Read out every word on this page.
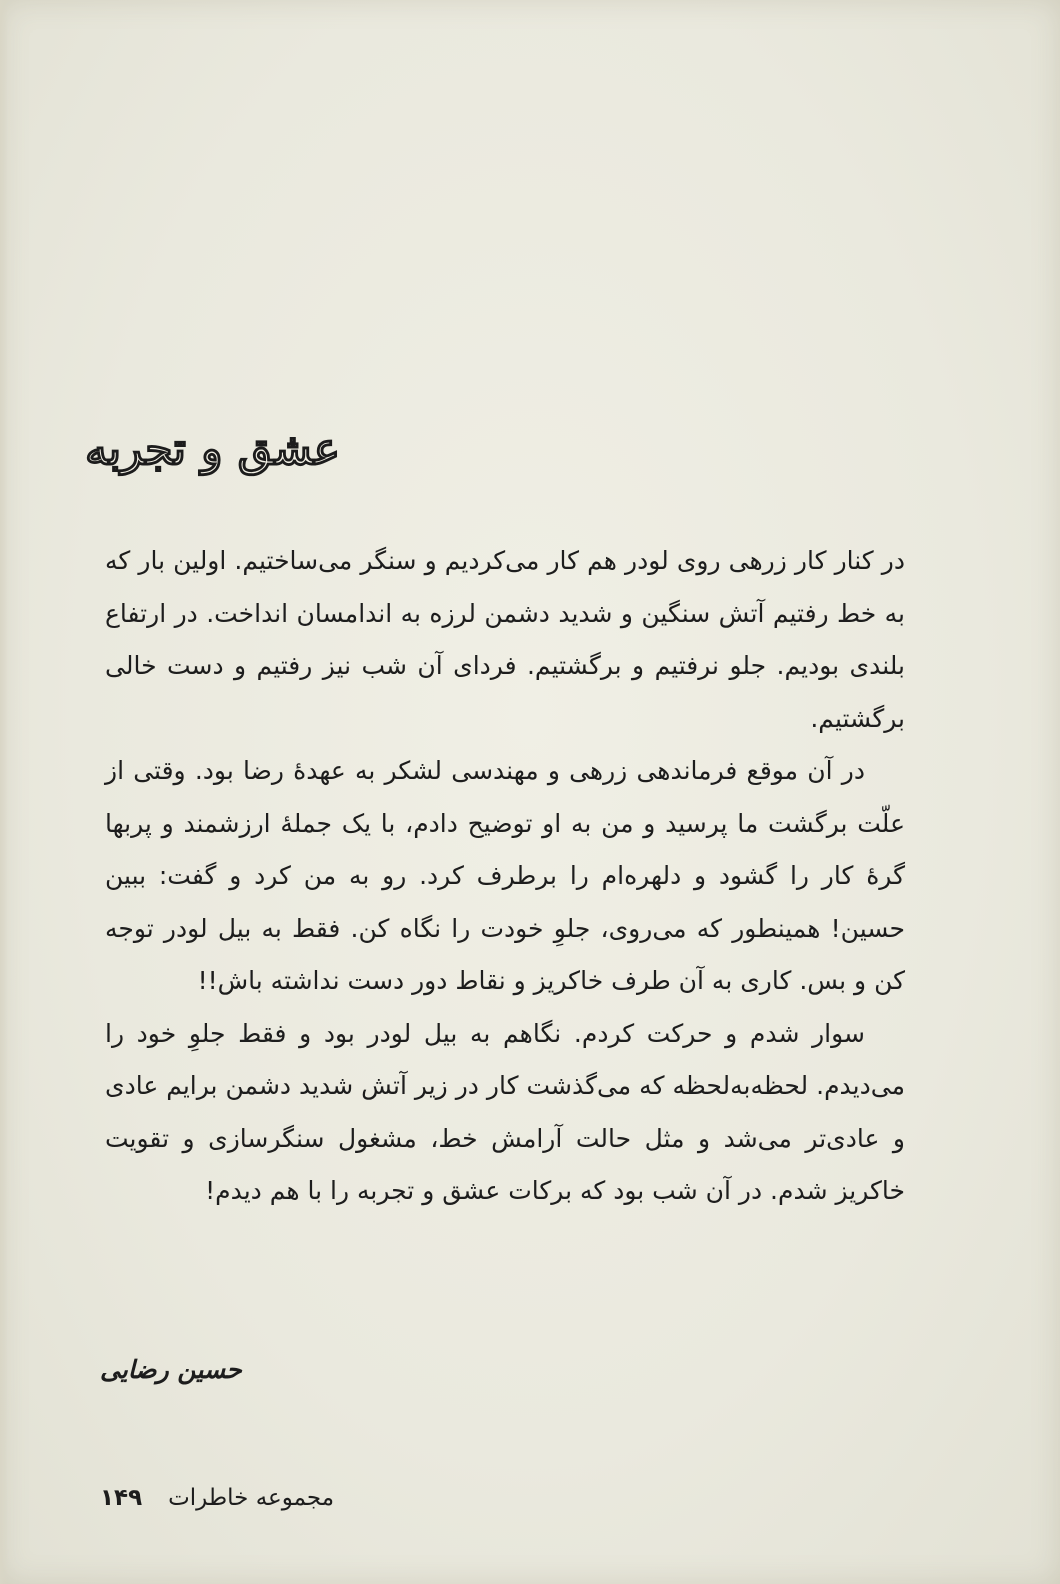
عشق و تجربه

در کنار کار زرهی روی لودر هم کار می‌کردیم و سنگر می‌ساختیم. اولین بار که به خط رفتیم آتش سنگین و شدید دشمن لرزه به اندامسان انداخت. در ارتفاع بلندی بودیم. جلو نرفتیم و برگشتیم. فردای آن شب نیز رفتیم و دست خالی برگشتیم.

در آن موقع فرماندهی زرهی و مهندسی لشکر به عهدهٔ رضا بود. وقتی از علّت برگشت ما پرسید و من به او توضیح دادم، با یک جملهٔ ارزشمند و پربها گرهٔ کار را گشود و دلهره‌ام را برطرف کرد. رو به من کرد و گفت: ببین حسین! همینطور که می‌روی، جلوِ خودت را نگاه کن. فقط به بیل لودر توجه کن و بس. کاری به آن طرف خاکریز و نقاط دور دست نداشته باش!!

سوار شدم و حرکت کردم. نگاهم به بیل لودر بود و فقط جلوِ خود را می‌دیدم. لحظه‌به‌لحظه که می‌گذشت کار در زیر آتش شدید دشمن برایم عادی و عادی‌تر می‌شد و مثل حالت آرامش خط، مشغول سنگرسازی و تقویت خاکریز شدم. در آن شب بود که برکات عشق و تجربه را با هم دیدم!

حسین رضایی
مجموعه خاطرات۱۴۹
